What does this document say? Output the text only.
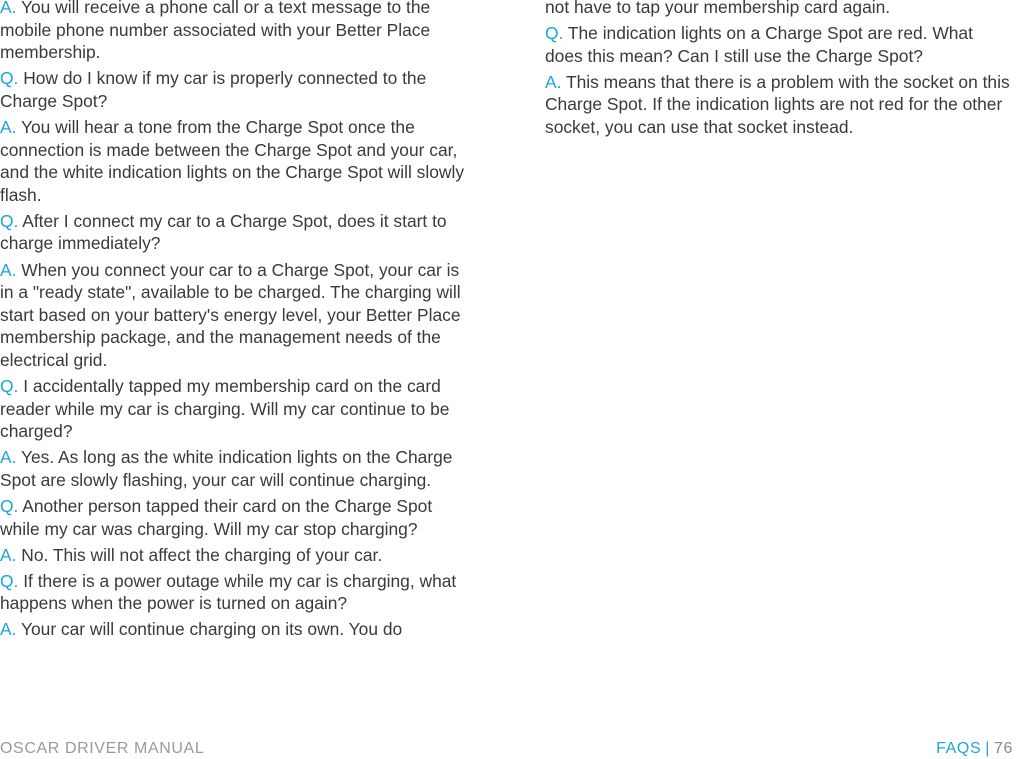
A. You will receive a phone call or a text message to the mobile phone number associated with your Better Place membership.

Q. How do I know if my car is properly connected to the Charge Spot?

A. You will hear a tone from the Charge Spot once the connection is made between the Charge Spot and your car, and the white indication lights on the Charge Spot will slowly flash.

Q. After I connect my car to a Charge Spot, does it start to charge immediately?

A. When you connect your car to a Charge Spot, your car is in a "ready state", available to be charged. The charging will start based on your battery's energy level, your Better Place membership package, and the management needs of the electrical grid.

Q. I accidentally tapped my membership card on the card reader while my car is charging. Will my car continue to be charged?

A. Yes. As long as the white indication lights on the Charge Spot are slowly flashing, your car will continue charging.

Q. Another person tapped their card on the Charge Spot while my car was charging. Will my car stop charging?

A. No. This will not affect the charging of your car.

Q. If there is a power outage while my car is charging, what happens when the power is turned on again?

A. Your car will continue charging on its own. You do

not have to tap your membership card again.

Q. The indication lights on a Charge Spot are red. What does this mean? Can I still use the Charge Spot?

A. This means that there is a problem with the socket on this Charge Spot. If the indication lights are not red for the other socket, you can use that socket instead.

OSCAR DRIVER MANUAL	FAQS | 76
